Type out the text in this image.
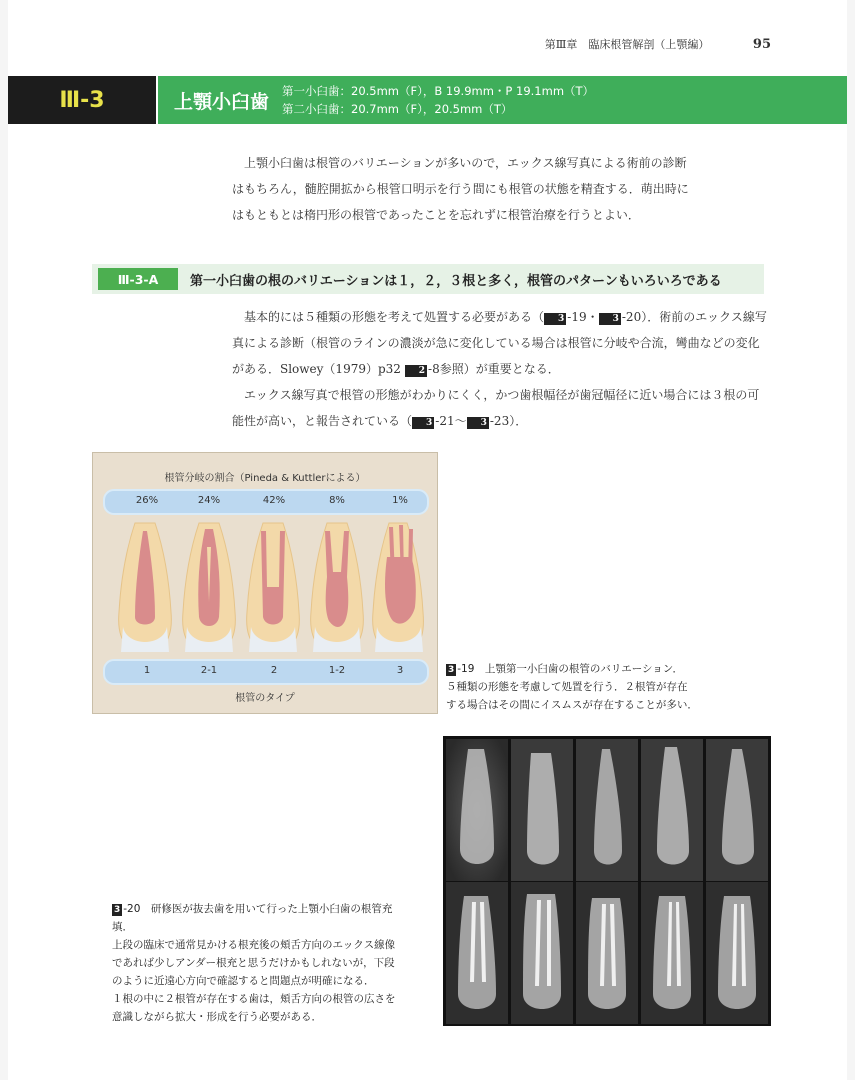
第Ⅲ章　臨床根管解剖（上顎編）	95
Ⅲ-3	上顎小臼歯 第一小臼歯：20.5mm（F），B 19.9mm・P 19.1mm（T）
第二小臼歯：20.7mm（F），20.5mm（T）
上顎小臼歯は根管のバリエーションが多いので，エックス線写真による術前の診断
はもちろん，髄腔開拡から根管口明示を行う間にも根管の状態を精査する．萌出時に
はもともとは楕円形の根管であったことを忘れずに根管治療を行うとよい．
Ⅲ-3-A	第一小臼歯の根のバリエーションは１，２，３根と多く，根管のパターンもいろいろである

基本的には５種類の形態を考えて処置する必要がある（ 3 -19・ 3 -20）．術前のエックス線写真による診断（根管のラインの濃淡が急に変化している場合は根管に分岐や合流，彎曲などの変化がある．Slowey（1979）p32 2 -8参照）が重要となる．

エックス線写真で根管の形態がわかりにくく，かつ歯根幅径が歯冠幅径に近い場合には３根の可能性が高い，と報告されている（ 3 -21〜 3 -23）．

根管分岐の割合（Pineda & Kuttlerによる）
26%	24%	42%	8%	1%
1	2-1	2	1-2	3
根管のタイプ
3 -19　上顎第一小臼歯の根管のバリエーション．
５種類の形態を考慮して処置を行う．２根管が存在
する場合はその間にイスムスが存在することが多い．

3 -20　研修医が抜去歯を用いて行った上顎小臼歯の根管充

填．

上段の臨床で通常見かける根充後の頬舌方向のエックス線像

であれば少しアンダー根充と思うだけかもしれないが，下段

のように近遠心方向で確認すると問題点が明確になる．

１根の中に２根管が存在する歯は，頬舌方向の根管の広さを

意識しながら拡大・形成を行う必要がある．
